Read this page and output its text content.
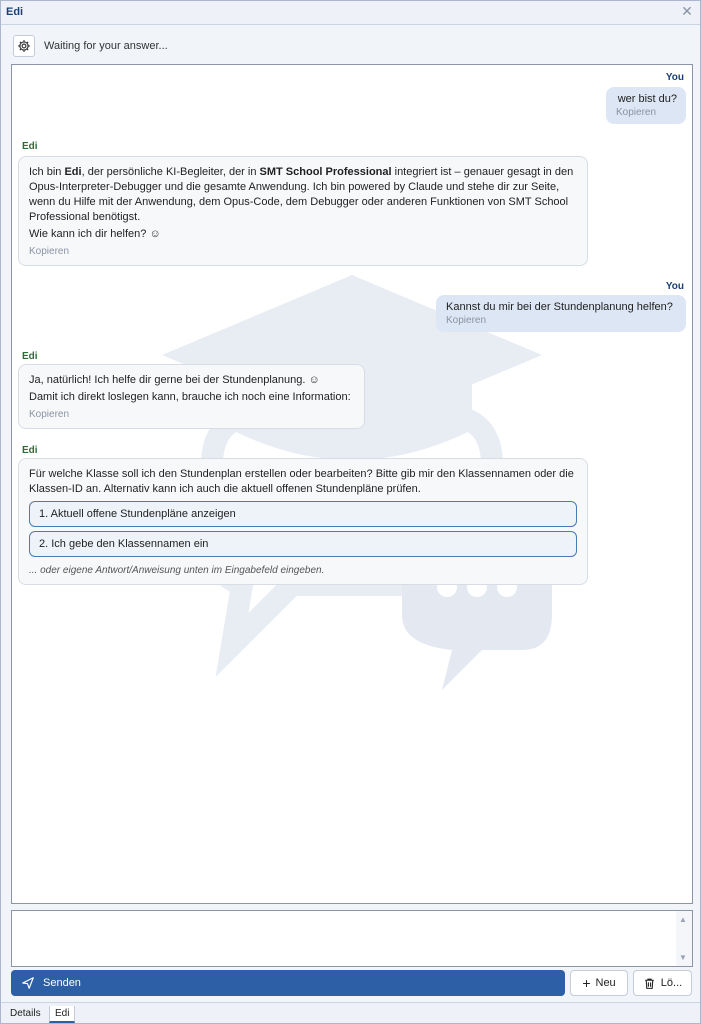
Edi	✕
Waiting for your answer...
You
wer bist du?
Kopieren
Edi

Ich bin Edi, der persönliche KI-Begleiter, der in SMT School Professional integriert ist – genauer gesagt in den Opus-Interpreter-Debugger und die gesamte Anwendung. Ich bin powered by Claude und stehe dir zur Seite, wenn du Hilfe mit der Anwendung, dem Opus-Code, dem Debugger oder anderen Funktionen von SMT School Professional benötigst.

Wie kann ich dir helfen? ☺

Kopieren
You
Kannst du mir bei der Stundenplanung helfen?
Kopieren
Edi

Ja, natürlich! Ich helfe dir gerne bei der Stundenplanung. ☺

Damit ich direkt loslegen kann, brauche ich noch eine Information:

Kopieren
Edi

Für welche Klasse soll ich den Stundenplan erstellen oder bearbeiten? Bitte gib mir den Klassennamen oder die Klassen-ID an. Alternativ kann ich auch die aktuell offenen Stundenpläne prüfen.

1. Aktuell offene Stundenpläne anzeigen
2. Ich gebe den Klassennamen ein
... oder eigene Antwort/Anweisung unten im Eingabefeld eingeben.
▲
▼
Senden	+ Neu	Lö...
Details	Edi
